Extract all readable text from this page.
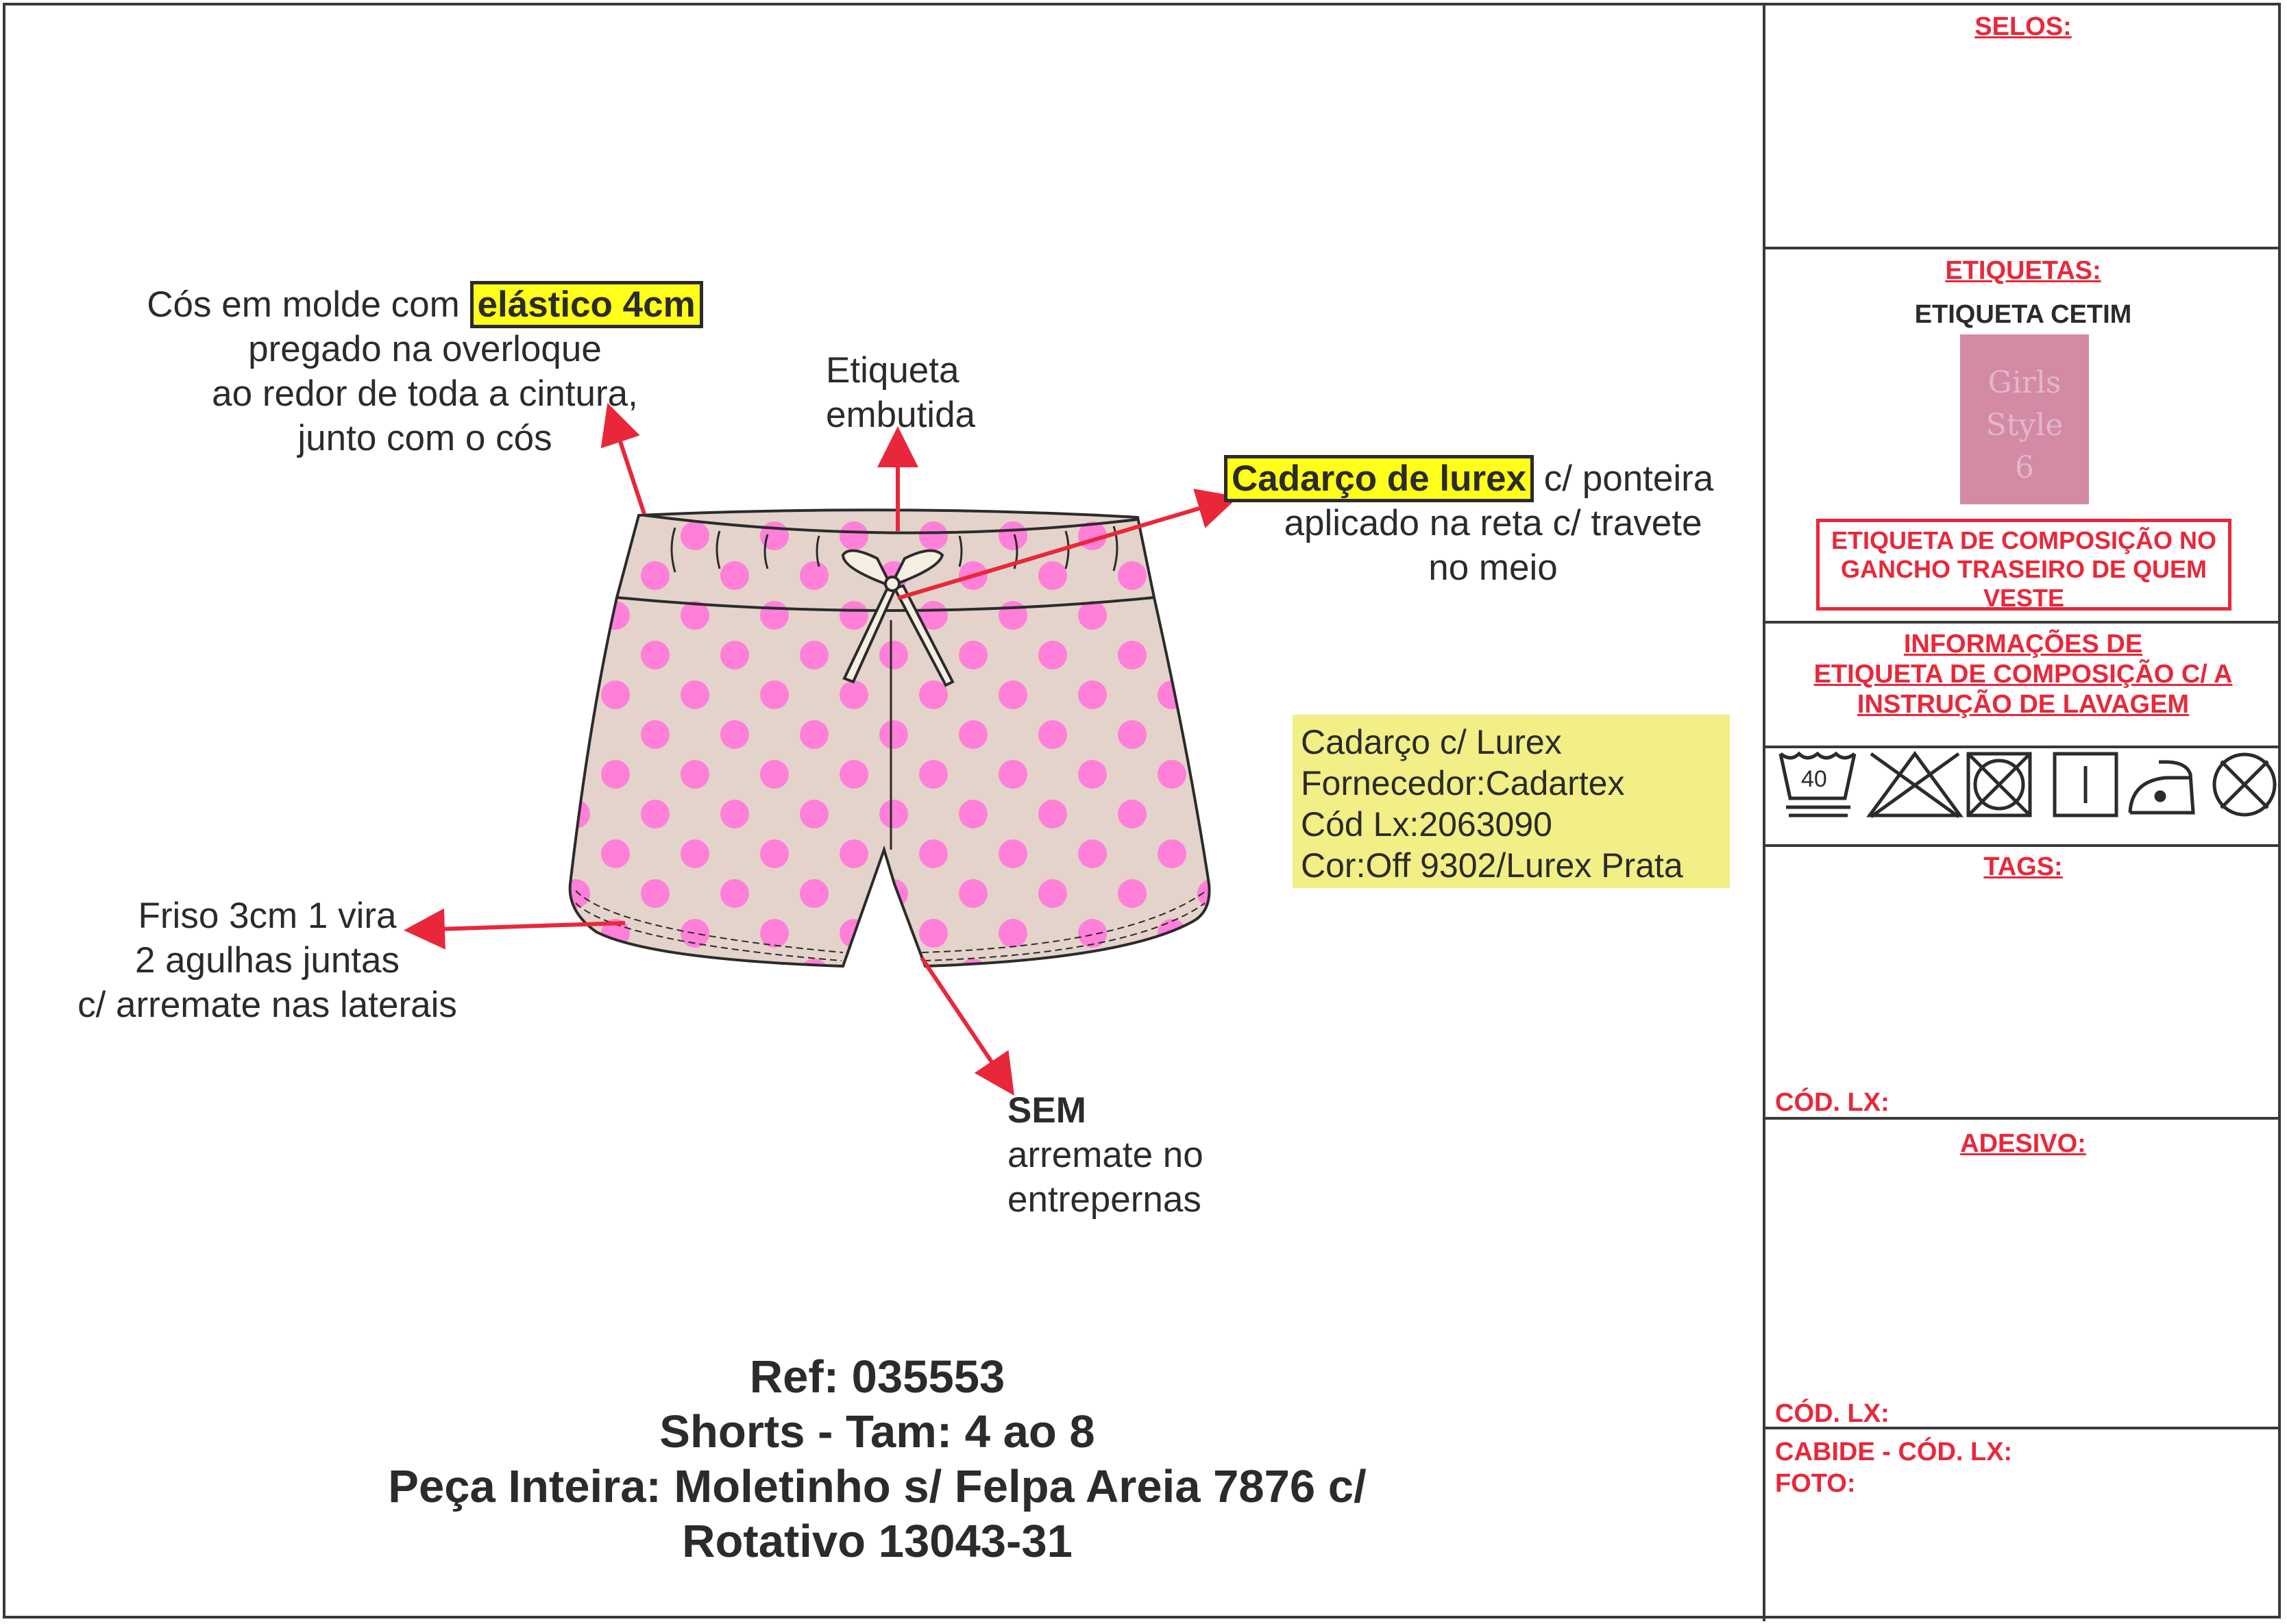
Cós em molde com elástico 4cm
pregado na overloque
ao redor de toda a cintura,
junto com o cós
Etiqueta
embutida
Cadarço de lurex c/ ponteira
aplicado na reta c/ travete
no meio
Friso 3cm 1 vira
2 agulhas juntas
c/ arremate nas laterais
SEM
arremate no
entrepernas
Cadarço c/ Lurex
Fornecedor:Cadartex
Cód Lx:2063090
Cor:Off 9302/Lurex Prata
Ref: 035553
Shorts - Tam: 4 ao 8
Peça Inteira: Moletinho s/ Felpa Areia 7876 c/
Rotativo 13043-31
SELOS:
ETIQUETAS:
ETIQUETA CETIM
Girls
Style
6
ETIQUETA DE COMPOSIÇÃO NO
GANCHO TRASEIRO DE QUEM
VESTE
INFORMAÇÕES DE
ETIQUETA DE COMPOSIÇÃO C/ A
INSTRUÇÃO DE LAVAGEM
40
TAGS:
CÓD. LX:
ADESIVO:
CÓD. LX:
CABIDE - CÓD. LX:
FOTO:
